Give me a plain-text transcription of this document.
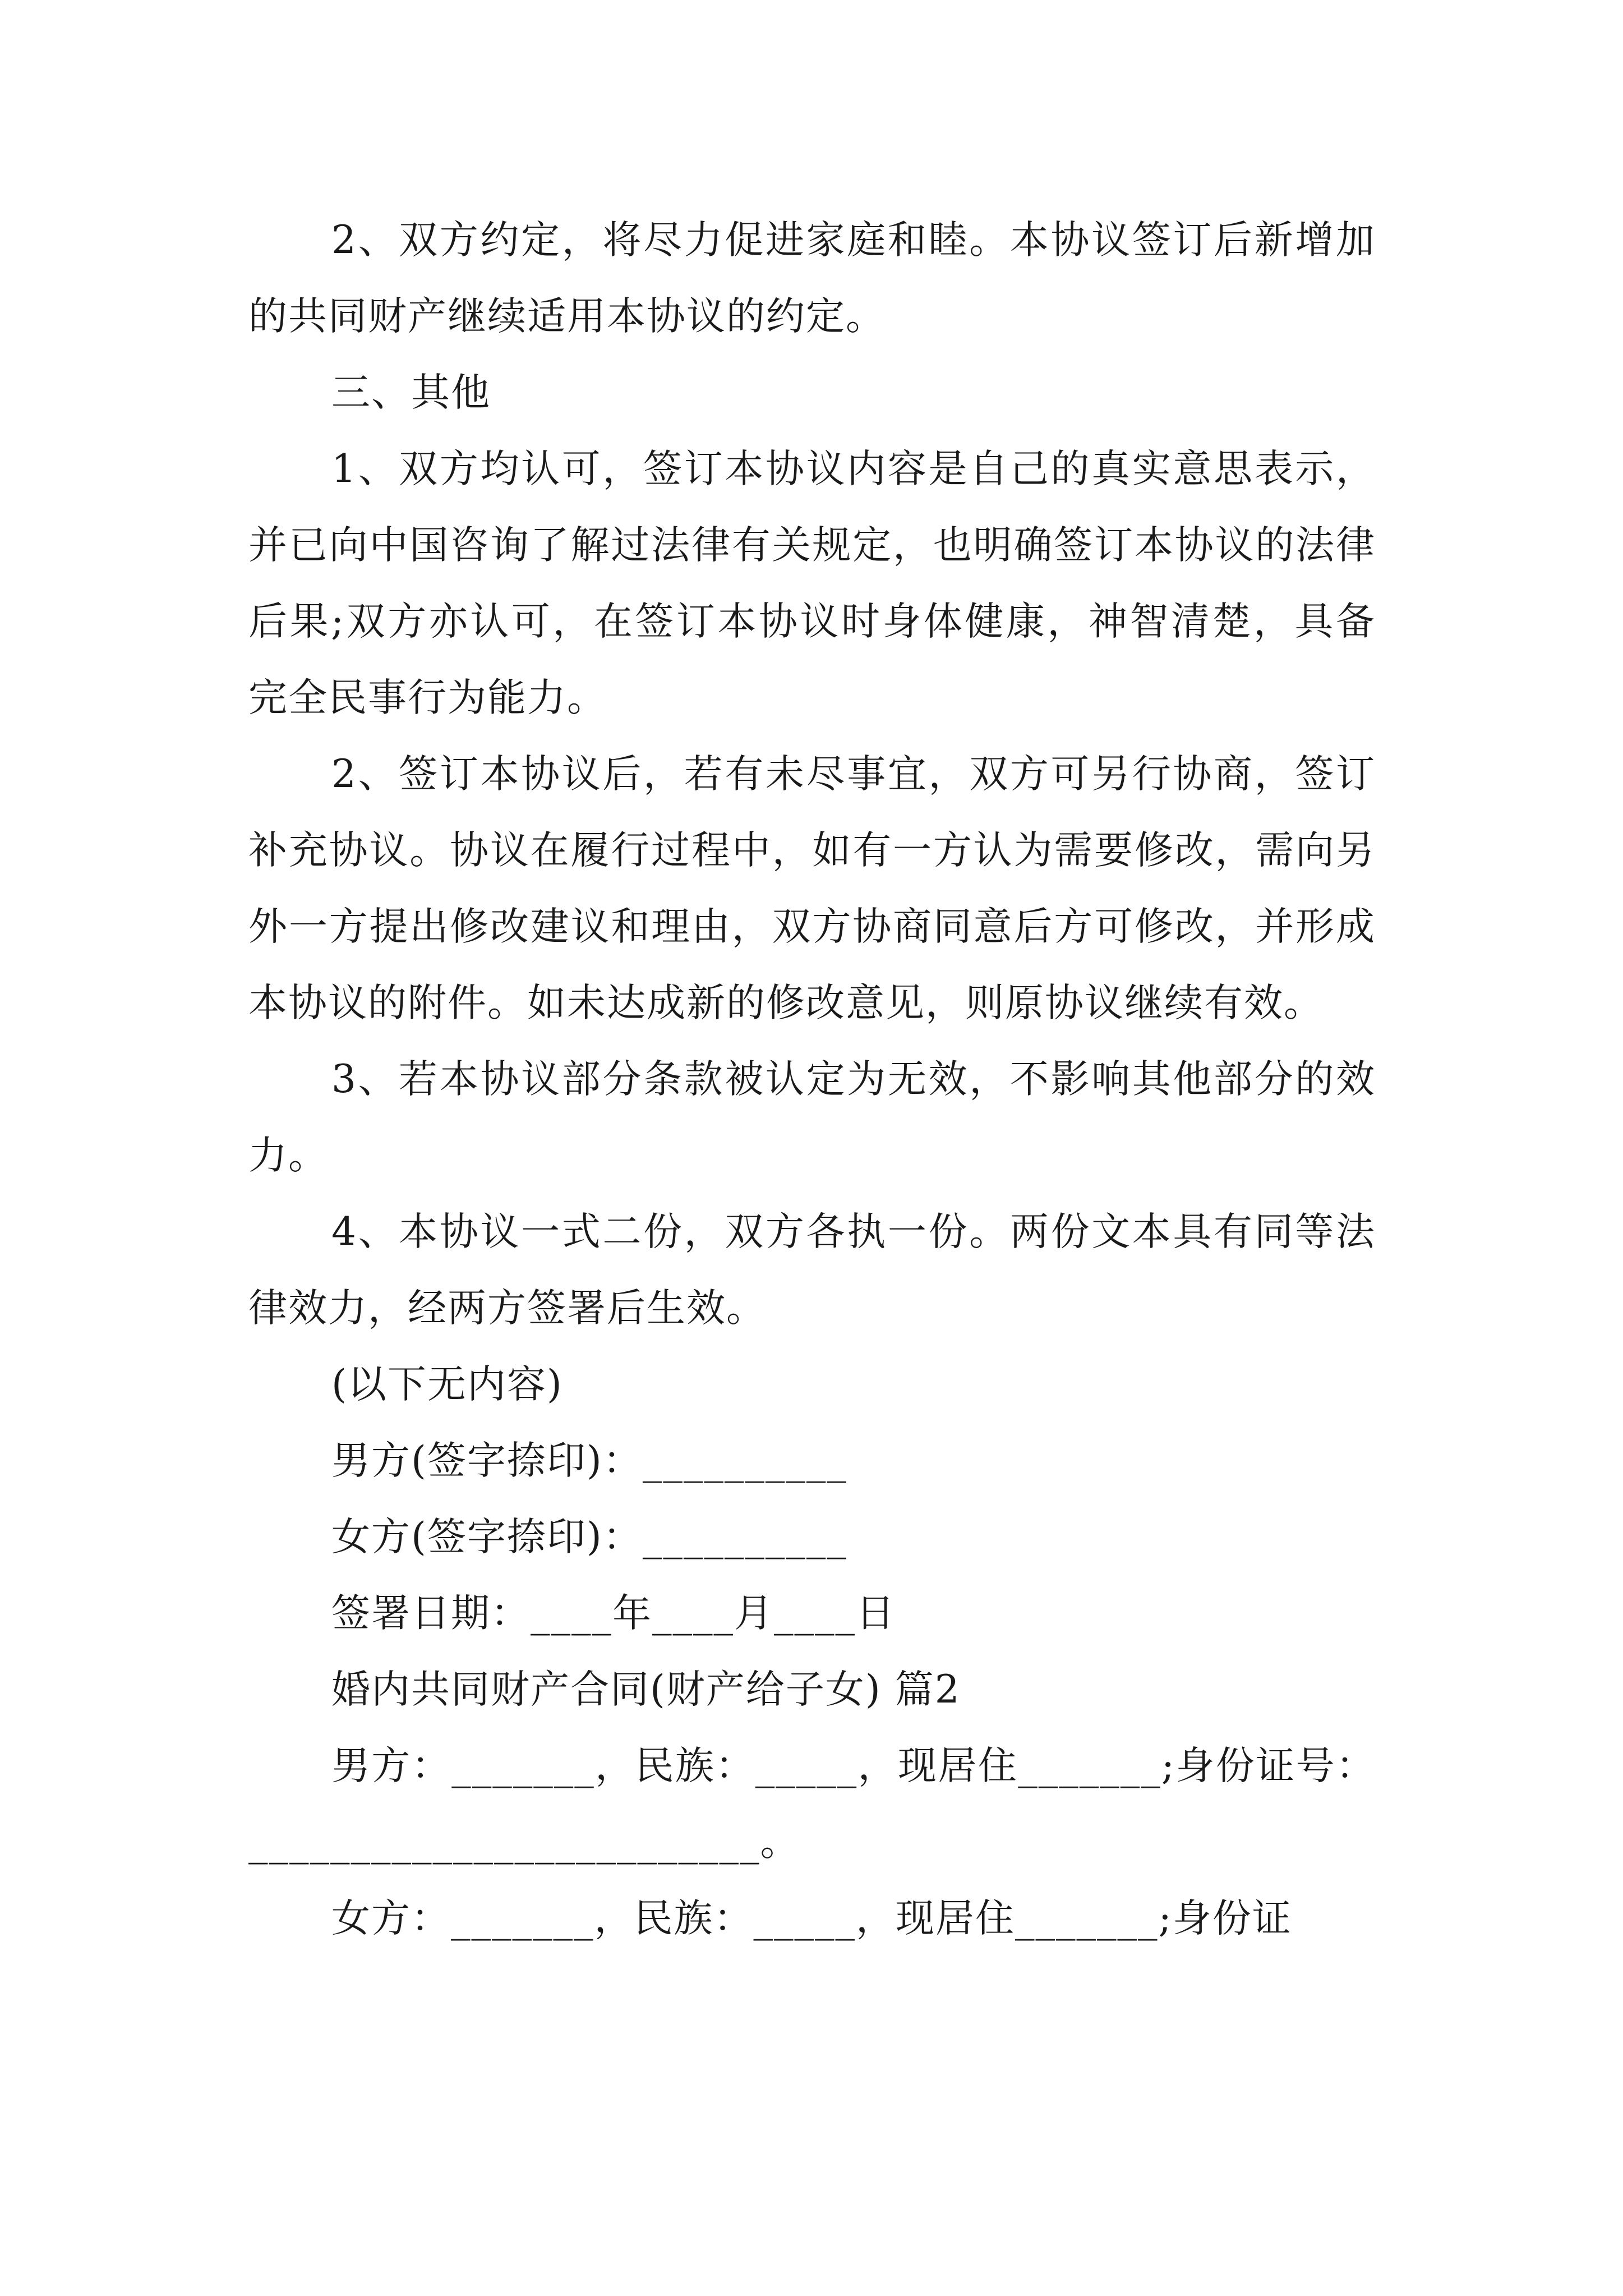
2、双方约定，将尽力促进家庭和睦。本协议签订后新增加的共同财产继续适用本协议的约定。

三、其他

1、双方均认可，签订本协议内容是自己的真实意思表示，并已向中国咨询了解过法律有关规定，也明确签订本协议的法律后果;双方亦认可，在签订本协议时身体健康，神智清楚，具备完全民事行为能力。

2、签订本协议后，若有未尽事宜，双方可另行协商，签订补充协议。协议在履行过程中，如有一方认为需要修改，需向另外一方提出修改建议和理由，双方协商同意后方可修改，并形成本协议的附件。如未达成新的修改意见，则原协议继续有效。

3、若本协议部分条款被认定为无效，不影响其他部分的效力。

4、本协议一式二份，双方各执一份。两份文本具有同等法律效力，经两方签署后生效。

(以下无内容)

男方(签字捺印)：__________

女方(签字捺印)：__________

签署日期：____年____月____日

婚内共同财产合同(财产给子女) 篇2

男方：_______，民族：_____，现居住_______;身份证号：_________________________。

女方：_______，民族：_____，现居住_______;身份证
